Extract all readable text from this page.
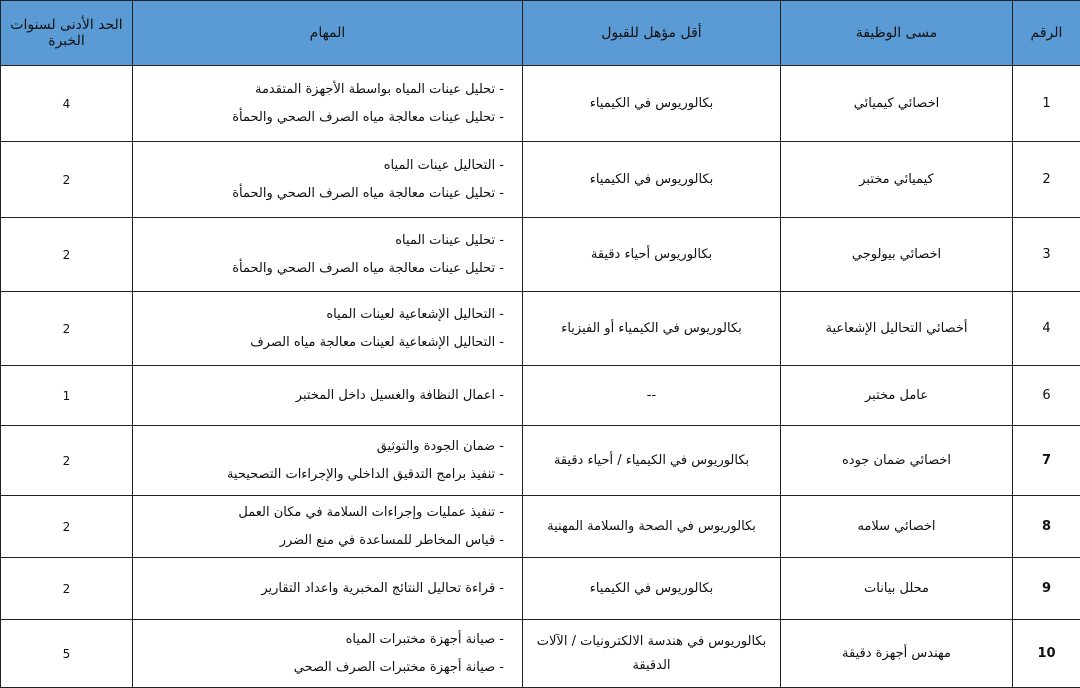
الرقم	مسى الوظيفة	أقل مؤهل للقبول	المهام	الحد الأدنى لسنوات الخبرة
1	اخصائي كيميائي	بكالوريوس في الكيمياء	- تحليل عينات المياه بواسطة الأجهزة المتقدمة
- تحليل عينات معالجة مياه الصرف الصحي والحمأة	4
2	كيميائي مختبر	بكالوريوس في الكيمياء	- التحاليل عينات المياه
- تحليل عينات معالجة مياه الصرف الصحي والحمأة	2
3	اخصائي بيولوجي	بكالوريوس أحياء دقيقة	- تحليل عينات المياه
- تحليل عينات معالجة مياه الصرف الصحي والحمأة	2
4	أخصائي التحاليل الإشعاعية	بكالوريوس في الكيمياء أو الفيزياء	- التحاليل الإشعاعية لعينات المياه
- التحاليل الإشعاعية لعينات معالجة مياه الصرف	2
6	عامل مختبر	--	- اعمال النظافة والغسيل داخل المختبر	1
7	اخصائي ضمان جوده	بكالوريوس في الكيمياء / أحياء دقيقة	- ضمان الجودة والتوثيق
- تنفيذ برامج التدقيق الداخلي والإجراءات التصحيحية	2
8	اخصائي سلامه	بكالوريوس في الصحة والسلامة المهنية	- تنفيذ عمليات وإجراءات السلامة في مكان العمل
- قياس المخاطر للمساعدة في منع الضرر	2
9	محلل بيانات	بكالوريوس في الكيمياء	- قراءة تحاليل النتائج المخبرية واعداد التقارير	2
10	مهندس أجهزة دقيقة	بكالوريوس في هندسة الالكترونيات / الآلات الدقيقة	- صيانة أجهزة مختبرات المياه
- صيانة أجهزة مختبرات الصرف الصحي	5
